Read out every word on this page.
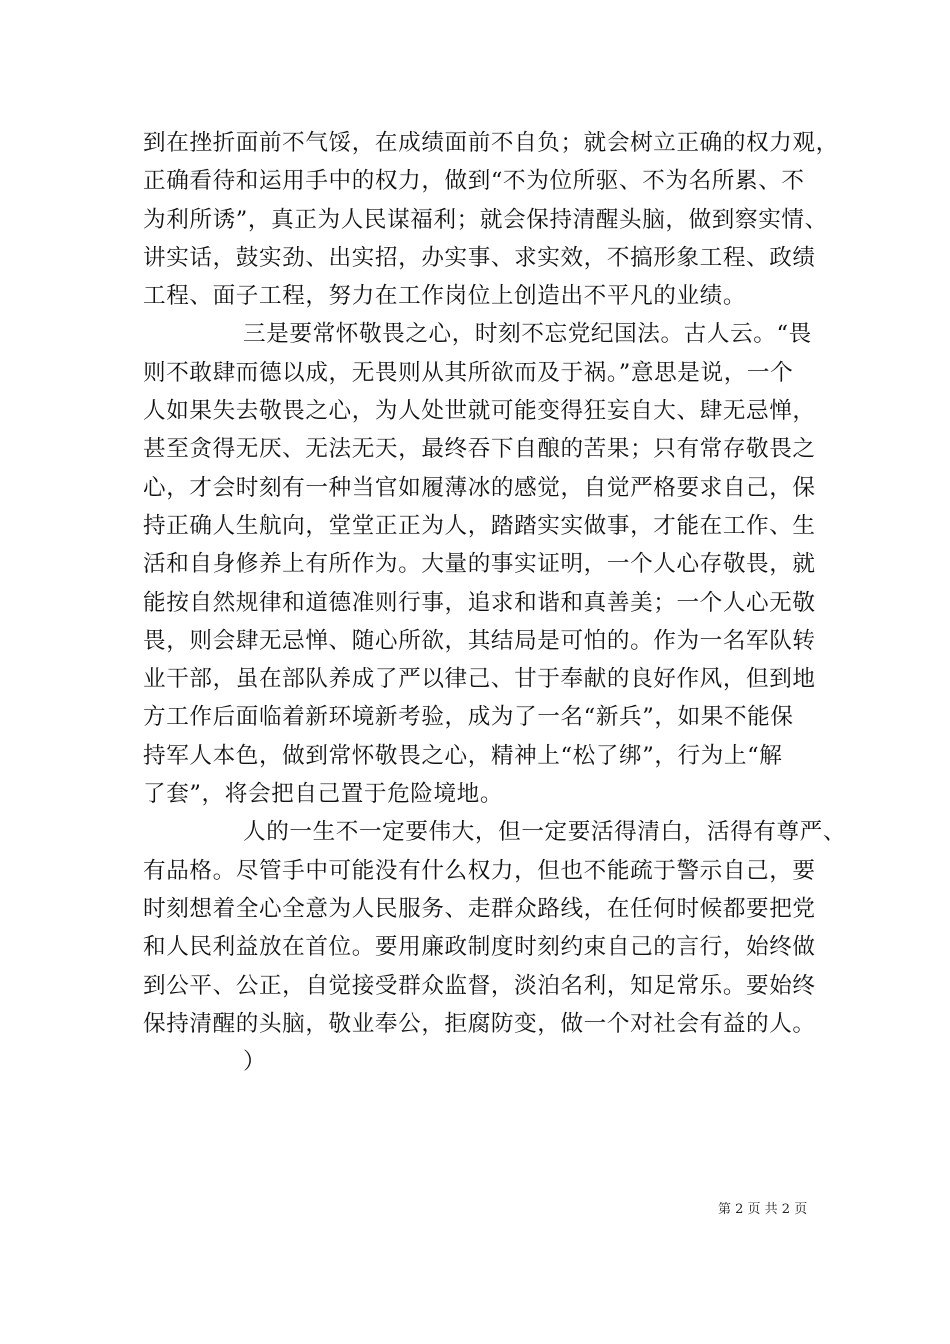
到在挫折面前不气馁，在成绩面前不自负；就会树立正确的权力观，
正确看待和运用手中的权力，做到“不为位所驱、不为名所累、不
为利所诱”，真正为人民谋福利；就会保持清醒头脑，做到察实情、
讲实话，鼓实劲、出实招，办实事、求实效，不搞形象工程、政绩
工程、面子工程，努力在工作岗位上创造出不平凡的业绩。
三是要常怀敬畏之心，时刻不忘党纪国法。古人云。“畏
则不敢肆而德以成，无畏则从其所欲而及于祸。”意思是说，一个
人如果失去敬畏之心，为人处世就可能变得狂妄自大、肆无忌惮，
甚至贪得无厌、无法无天，最终吞下自酿的苦果；只有常存敬畏之
心，才会时刻有一种当官如履薄冰的感觉，自觉严格要求自己，保
持正确人生航向，堂堂正正为人，踏踏实实做事，才能在工作、生
活和自身修养上有所作为。大量的事实证明，一个人心存敬畏，就
能按自然规律和道德准则行事，追求和谐和真善美；一个人心无敬
畏，则会肆无忌惮、随心所欲，其结局是可怕的。作为一名军队转
业干部，虽在部队养成了严以律己、甘于奉献的良好作风，但到地
方工作后面临着新环境新考验，成为了一名“新兵”，如果不能保
持军人本色，做到常怀敬畏之心，精神上“松了绑”，行为上“解
了套”，将会把自己置于危险境地。
人的一生不一定要伟大，但一定要活得清白，活得有尊严、
有品格。尽管手中可能没有什么权力，但也不能疏于警示自己，要
时刻想着全心全意为人民服务、走群众路线，在任何时候都要把党
和人民利益放在首位。要用廉政制度时刻约束自己的言行，始终做
到公平、公正，自觉接受群众监督，淡泊名利，知足常乐。要始终
保持清醒的头脑，敬业奉公，拒腐防变，做一个对社会有益的人。
）
第 2 页 共 2 页
